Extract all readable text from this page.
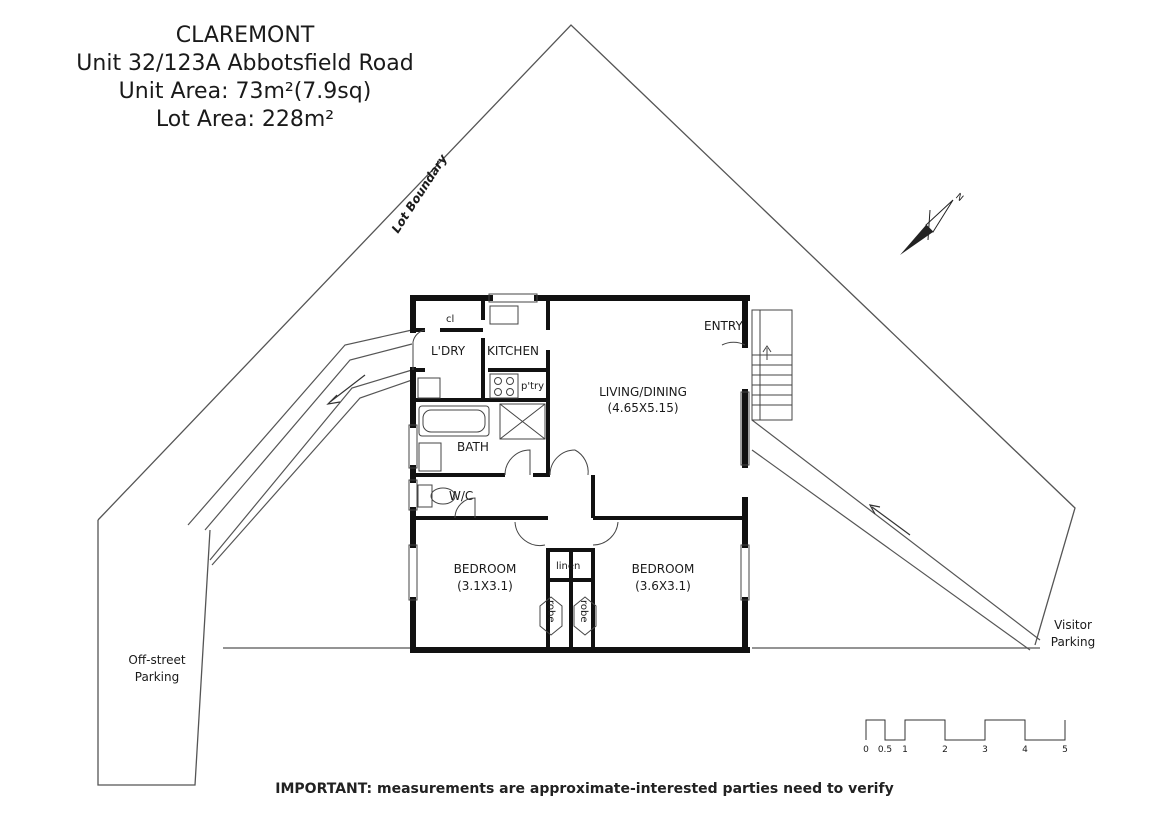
CLAREMONT
Unit 32/123A Abbotsfield Road
Unit Area: 73m²(7.9sq)
Lot Area: 228m²
Lot Boundary	N
cl
L'DRY KITCHEN
p'try
ENTRY
LIVING/DINING
(4.65X5.15)
BATH
W/C
linen
BEDROOM
(3.1X3.1)
BEDROOM
(3.6X3.1)
robe robe
Off-street
Parking
Visitor
Parking
0 0.5 1	2	3	4	5
IMPORTANT: measurements are approximate-interested parties need to verify
